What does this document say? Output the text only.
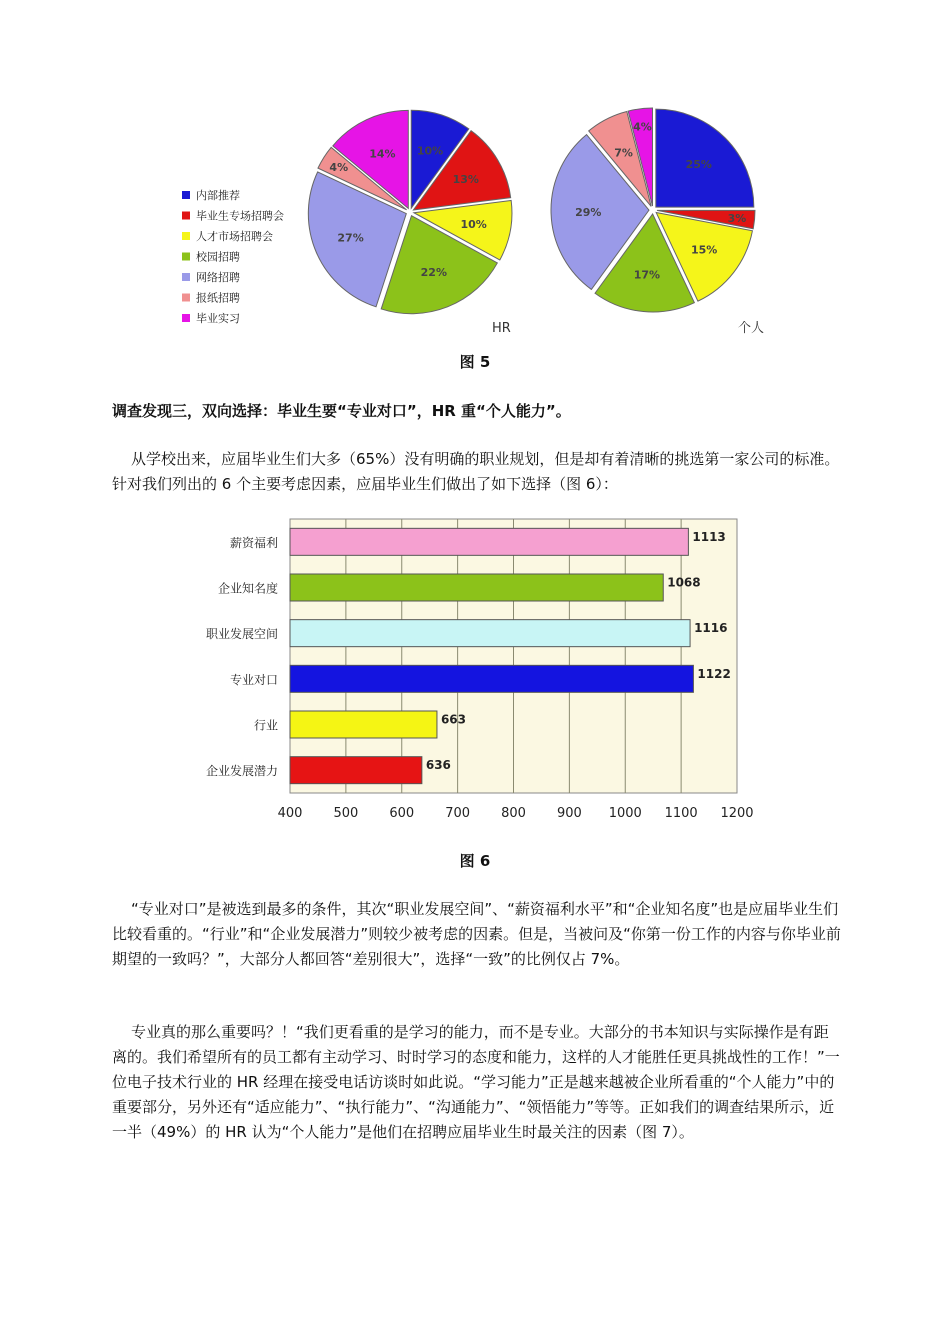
内部推荐
毕业生专场招聘会
人才市场招聘会
校园招聘
网络招聘
报纸招聘
毕业实习
10%
13%
10%
22%
27%
4%
14%
25%
3%
15%
17%
29%
7%
4%
HR	个人
图 5
调查发现三，双向选择：毕业生要“专业对口”，HR 重“个人能力”。

从学校出来，应届毕业生们大多（65%）没有明确的职业规划，但是却有着清晰的挑选第一家公司的标准。针对我们列出的 6 个主要考虑因素，应届毕业生们做出了如下选择（图 6）：

薪资福利
企业知名度
职业发展空间
专业对口
行业
企业发展潜力
1113
1068
1116
1122
663
636
400 500 600 700 800 900 1000 1100 1200
图 6

“专业对口”是被选到最多的条件，其次“职业发展空间”、“薪资福利水平”和“企业知名度”也是应届毕业生们比较看重的。“行业”和“企业发展潜力”则较少被考虑的因素。但是，当被问及“你第一份工作的内容与你毕业前期望的一致吗？”，大部分人都回答“差别很大”，选择“一致”的比例仅占 7%。

专业真的那么重要吗？！“我们更看重的是学习的能力，而不是专业。大部分的书本知识与实际操作是有距离的。我们希望所有的员工都有主动学习、时时学习的态度和能力，这样的人才能胜任更具挑战性的工作！”一位电子技术行业的 HR 经理在接受电话访谈时如此说。“学习能力”正是越来越被企业所看重的“个人能力”中的重要部分，另外还有“适应能力”、“执行能力”、“沟通能力”、“领悟能力”等等。正如我们的调查结果所示，近一半（49%）的 HR 认为“个人能力”是他们在招聘应届毕业生时最关注的因素（图 7）。
